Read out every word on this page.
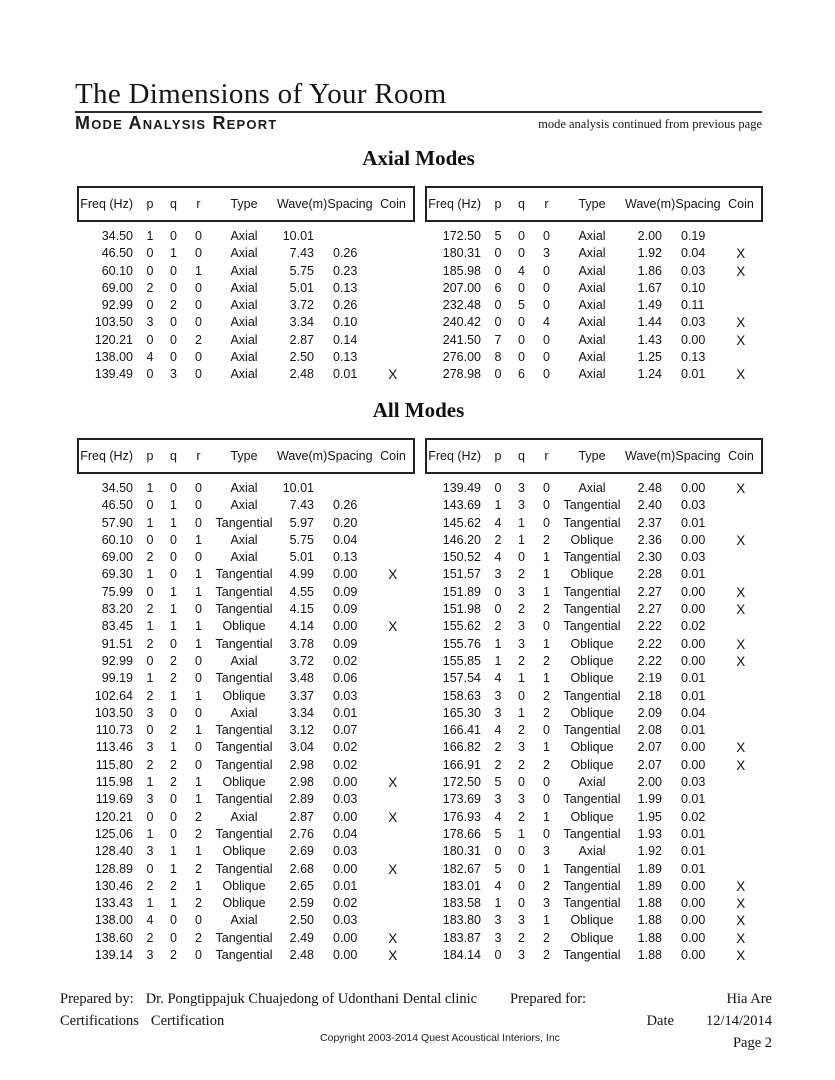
The Dimensions of Your Room
Mode Analysis Report	mode analysis continued from previous page
Axial Modes
Freq (Hz)	p	q	r	Type	Wave(m) Spacing Coin
34.50	1	0	0	Axial	10.01
46.50	0	1	0	Axial	7.43	0.26
60.10	0	0	1	Axial	5.75	0.23
69.00	2	0	0	Axial	5.01	0.13
92.99	0	2	0	Axial	3.72	0.26
103.50	3	0	0	Axial	3.34	0.10
120.21	0	0	2	Axial	2.87	0.14
138.00	4	0	0	Axial	2.50	0.13
139.49	0	3	0	Axial	2.48	0.01	X
Freq (Hz)	p	q	r	Type	Wave(m) Spacing Coin
172.50	5	0	0	Axial	2.00	0.19
180.31	0	0	3	Axial	1.92	0.04	X
185.98	0	4	0	Axial	1.86	0.03	X
207.00	6	0	0	Axial	1.67	0.10
232.48	0	5	0	Axial	1.49	0.11
240.42	0	0	4	Axial	1.44	0.03	X
241.50	7	0	0	Axial	1.43	0.00	X
276.00	8	0	0	Axial	1.25	0.13
278.98	0	6	0	Axial	1.24	0.01	X
All Modes
Freq (Hz)	p	q	r	Type	Wave(m) Spacing Coin
34.50	1	0	0	Axial	10.01
46.50	0	1	0	Axial	7.43	0.26
57.90	1	1	0	Tangential	5.97	0.20
60.10	0	0	1	Axial	5.75	0.04
69.00	2	0	0	Axial	5.01	0.13
69.30	1	0	1	Tangential	4.99	0.00	X
75.99	0	1	1	Tangential	4.55	0.09
83.20	2	1	0	Tangential	4.15	0.09
83.45	1	1	1	Oblique	4.14	0.00	X
91.51	2	0	1	Tangential	3.78	0.09
92.99	0	2	0	Axial	3.72	0.02
99.19	1	2	0	Tangential	3.48	0.06
102.64	2	1	1	Oblique	3.37	0.03
103.50	3	0	0	Axial	3.34	0.01
110.73	0	2	1	Tangential	3.12	0.07
113.46	3	1	0	Tangential	3.04	0.02
115.80	2	2	0	Tangential	2.98	0.02
115.98	1	2	1	Oblique	2.98	0.00	X
119.69	3	0	1	Tangential	2.89	0.03
120.21	0	0	2	Axial	2.87	0.00	X
125.06	1	0	2	Tangential	2.76	0.04
128.40	3	1	1	Oblique	2.69	0.03
128.89	0	1	2	Tangential	2.68	0.00	X
130.46	2	2	1	Oblique	2.65	0.01
133.43	1	1	2	Oblique	2.59	0.02
138.00	4	0	0	Axial	2.50	0.03
138.60	2	0	2	Tangential	2.49	0.00	X
139.14	3	2	0	Tangential	2.48	0.00	X
Freq (Hz)	p	q	r	Type	Wave(m) Spacing Coin
139.49	0	3	0	Axial	2.48	0.00	X
143.69	1	3	0	Tangential	2.40	0.03
145.62	4	1	0	Tangential	2.37	0.01
146.20	2	1	2	Oblique	2.36	0.00	X
150.52	4	0	1	Tangential	2.30	0.03
151.57	3	2	1	Oblique	2.28	0.01
151.89	0	3	1	Tangential	2.27	0.00	X
151.98	0	2	2	Tangential	2.27	0.00	X
155.62	2	3	0	Tangential	2.22	0.02
155.76	1	3	1	Oblique	2.22	0.00	X
155.85	1	2	2	Oblique	2.22	0.00	X
157.54	4	1	1	Oblique	2.19	0.01
158.63	3	0	2	Tangential	2.18	0.01
165.30	3	1	2	Oblique	2.09	0.04
166.41	4	2	0	Tangential	2.08	0.01
166.82	2	3	1	Oblique	2.07	0.00	X
166.91	2	2	2	Oblique	2.07	0.00	X
172.50	5	0	0	Axial	2.00	0.03
173.69	3	3	0	Tangential	1.99	0.01
176.93	4	2	1	Oblique	1.95	0.02
178.66	5	1	0	Tangential	1.93	0.01
180.31	0	0	3	Axial	1.92	0.01
182.67	5	0	1	Tangential	1.89	0.01
183.01	4	0	2	Tangential	1.89	0.00	X
183.58	1	0	3	Tangential	1.88	0.00	X
183.80	3	3	1	Oblique	1.88	0.00	X
183.87	3	2	2	Oblique	1.88	0.00	X
184.14	0	3	2	Tangential	1.88	0.00	X
Prepared by: Dr. Pongtippajuk Chuajedong of Udonthani Dental clinic
Certifications Certification
Prepared for:	Hia Are
Date 12/14/2014
Page 2
Copyright 2003-2014 Quest Acoustical Interiors, Inc
